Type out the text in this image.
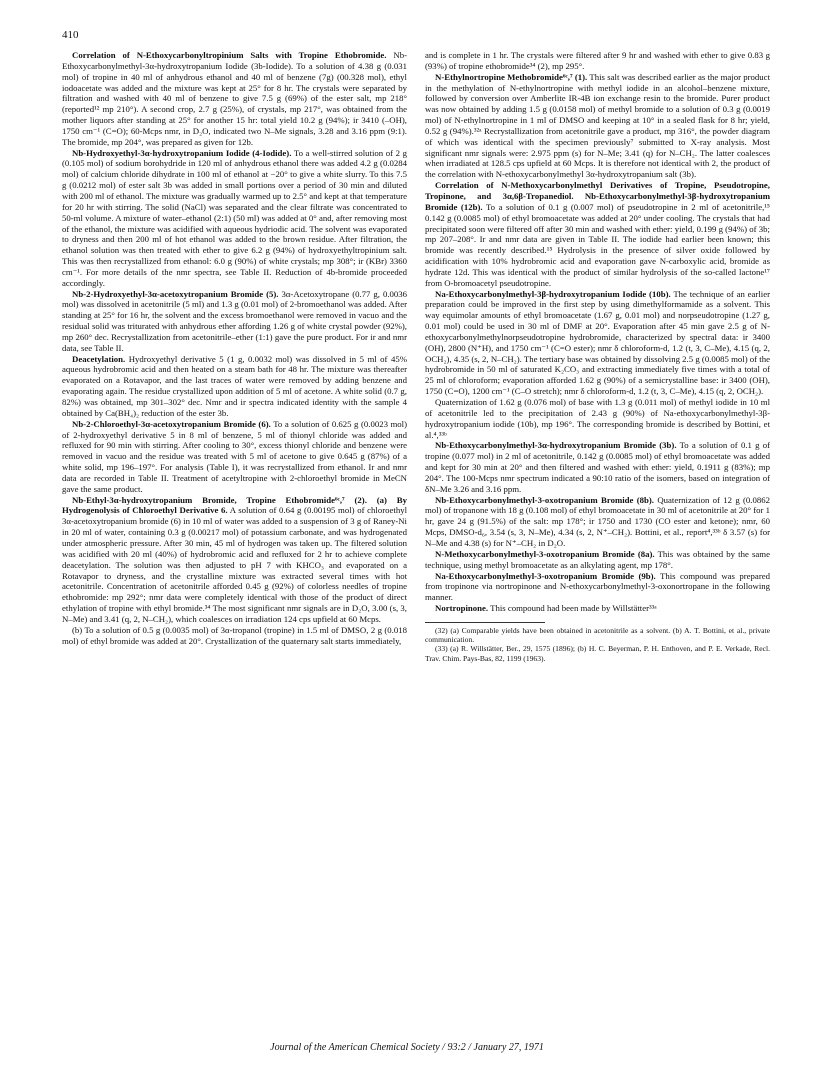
410

Correlation of N-Ethoxycarbonyltropinium Salts with Tropine Ethobromide. Nb-Ethoxycarbonylmethyl-3α-hydroxytropanium Iodide (3b-Iodide). To a solution of 4.38 g (0.031 mol) of tropine in 40 ml of anhydrous ethanol and 40 ml of benzene (7g) (00.328 mol), ethyl iodoacetate was added and the mixture was kept at 25° for 8 hr. The crystals were separated by filtration and washed with 40 ml of benzene to give 7.5 g (69%) of the ester salt, mp 218° (reported¹² mp 210°). A second crop, 2.7 g (25%), of crystals, mp 217°, was obtained from the mother liquors after standing at 25° for another 15 hr: total yield 10.2 g (94%); ir 3410 (–OH), 1750 cm⁻¹ (C=O); 60-Mcps nmr, in D₂O, indicated two N–Me signals, 3.28 and 3.16 ppm (9:1). The bromide, mp 204°, was prepared as given for 12b.

Nb-Hydroxyethyl-3α-hydroxytropanium Iodide (4-Iodide). To a well-stirred solution of 2 g (0.105 mol) of sodium borohydride in 120 ml of anhydrous ethanol there was added 4.2 g (0.0284 mol) of calcium chloride dihydrate in 100 ml of ethanol at −20° to give a white slurry. To this 7.5 g (0.0212 mol) of ester salt 3b was added in small portions over a period of 30 min and diluted with 200 ml of ethanol. The mixture was gradually warmed up to 2.5° and kept at that temperature for 20 hr with stirring. The solid (NaCl) was separated and the clear filtrate was concentrated to 50-ml volume. A mixture of water–ethanol (2:1) (50 ml) was added at 0° and, after removing most of the ethanol, the mixture was acidified with aqueous hydriodic acid. The solvent was evaporated to dryness and then 200 ml of hot ethanol was added to the brown residue. After filtration, the ethanol solution was then treated with ether to give 6.2 g (94%) of hydroxyethyltropinium salt. This was then recrystallized from ethanol: 6.0 g (90%) of white crystals; mp 308°; ir (KBr) 3360 cm⁻¹. For more details of the nmr spectra, see Table II. Reduction of 4b-bromide proceeded accordingly.

Nb-2-Hydroxyethyl-3α-acetoxytropanium Bromide (5). 3α-Acetoxytropane (0.77 g, 0.0036 mol) was dissolved in acetonitrile (5 ml) and 1.3 g (0.01 mol) of 2-bromoethanol was added. After standing at 25° for 16 hr, the solvent and the excess bromoethanol were removed in vacuo and the residual solid was triturated with anhydrous ether affording 1.26 g of white crystal powder (92%), mp 260° dec. Recrystallization from acetonitrile–ether (1:1) gave the pure product. For ir and nmr data, see Table II.

Deacetylation. Hydroxyethyl derivative 5 (1 g, 0.0032 mol) was dissolved in 5 ml of 45% aqueous hydrobromic acid and then heated on a steam bath for 48 hr. The mixture was thereafter evaporated on a Rotavapor, and the last traces of water were removed by adding benzene and evaporating again. The residue crystallized upon addition of 5 ml of acetone. A white solid (0.7 g, 82%) was obtained, mp 301–302° dec. Nmr and ir spectra indicated identity with the sample 4 obtained by Ca(BH₄)₂ reduction of the ester 3b.

Nb-2-Chloroethyl-3α-acetoxytropanium Bromide (6). To a solution of 0.625 g (0.0023 mol) of 2-hydroxyethyl derivative 5 in 8 ml of benzene, 5 ml of thionyl chloride was added and refluxed for 90 min with stirring. After cooling to 30°, excess thionyl chloride and benzene were removed in vacuo and the residue was treated with 5 ml of acetone to give 0.645 g (87%) of a white solid, mp 196–197°. For analysis (Table I), it was recrystallized from ethanol. Ir and nmr data are recorded in Table II. Treatment of acetyltropine with 2-chloroethyl bromide in MeCN gave the same product.

Nb-Ethyl-3α-hydroxytropanium Bromide, Tropine Ethobromide⁶ᶜ,⁷ (2). (a) By Hydrogenolysis of Chloroethyl Derivative 6. A solution of 0.64 g (0.00195 mol) of chloroethyl 3α-acetoxytropanium bromide (6) in 10 ml of water was added to a suspension of 3 g of Raney-Ni in 20 ml of water, containing 0.3 g (0.00217 mol) of potassium carbonate, and was hydrogenated under atmospheric pressure. After 30 min, 45 ml of hydrogen was taken up. The filtered solution was acidified with 20 ml (40%) of hydrobromic acid and refluxed for 2 hr to achieve complete deacetylation. The solution was then adjusted to pH 7 with KHCO₃ and evaporated on a Rotavapor to dryness, and the crystalline mixture was extracted several times with hot acetonitrile. Concentration of acetonitrile afforded 0.45 g (92%) of colorless needles of tropine ethobromide: mp 292°; nmr data were completely identical with those of the product of direct ethylation of tropine with ethyl bromide.³⁴ The most significant nmr signals are in D₂O, 3.00 (s, 3, N–Me) and 3.41 (q, 2, N–CH₂), which coalesces on irradiation 124 cps upfield at 60 Mcps.

(b) To a solution of 0.5 g (0.0035 mol) of 3α-tropanol (tropine) in 1.5 ml of DMSO, 2 g (0.018 mol) of ethyl bromide was added at 20°. Crystallization of the quaternary salt starts immediately,

and is complete in 1 hr. The crystals were filtered after 9 hr and washed with ether to give 0.83 g (93%) of tropine ethobromide³⁴ (2), mp 295°.

N-Ethylnortropine Methobromide⁶ᶜ,⁷ (1). This salt was described earlier as the major product in the methylation of N-ethylnortropine with methyl iodide in an alcohol–benzene mixture, followed by conversion over Amberlite IR-4B ion exchange resin to the bromide. Purer product was now obtained by adding 1.5 g (0.0158 mol) of methyl bromide to a solution of 0.3 g (0.0019 mol) of N-ethylnortropine in 1 ml of DMSO and keeping at 10° in a sealed flask for 8 hr; yield, 0.52 g (94%).³²ᵃ Recrystallization from acetonitrile gave a product, mp 316°, the powder diagram of which was identical with the specimen previously⁷ submitted to X-ray analysis. Most significant nmr signals were: 2.975 ppm (s) for N–Me; 3.41 (q) for N–CH₂. The latter coalesces when irradiated at 128.5 cps upfield at 60 Mcps. It is therefore not identical with 2, the product of the correlation with N-ethoxycarbonylmethyl 3α-hydroxytropanium salt (3b).

Correlation of N-Methoxycarbonylmethyl Derivatives of Tropine, Pseudotropine, Tropinone, and 3α,6β-Tropanediol. Nb-Ethoxycarbonylmethyl-3β-hydroxytropanium Bromide (12b). To a solution of 0.1 g (0.007 mol) of pseudotropine in 2 ml of acetonitrile,¹⁵ 0.142 g (0.0085 mol) of ethyl bromoacetate was added at 20° under cooling. The crystals that had precipitated soon were filtered off after 30 min and washed with ether: yield, 0.199 g (94%) of 3b; mp 207–208°. Ir and nmr data are given in Table II. The iodide had earlier been known; this bromide was recently described.¹⁵ Hydrolysis in the presence of silver oxide followed by acidification with 10% hydrobromic acid and evaporation gave N-carboxylic acid, bromide as hydrate 12d. This was identical with the product of similar hydrolysis of the so-called lactone¹⁷ from O-bromoacetyl pseudotropine.

Na-Ethoxycarbonylmethyl-3β-hydroxytropanium Iodide (10b). The technique of an earlier preparation could be improved in the first step by using dimethylformamide as a solvent. This way equimolar amounts of ethyl bromoacetate (1.67 g, 0.01 mol) and norpseudotropine (1.27 g, 0.01 mol) could be used in 30 ml of DMF at 20°. Evaporation after 45 min gave 2.5 g of N-ethoxycarbonylmethylnorpseudotropine hydrobromide, characterized by spectral data: ir 3400 (OH), 2800 (N⁺H), and 1750 cm⁻¹ (C=O ester); nmr δ chloroform-d, 1.2 (t, 3, C–Me), 4.15 (q, 2, OCH₂), 4.35 (s, 2, N–CH₂). The tertiary base was obtained by dissolving 2.5 g (0.0085 mol) of the hydrobromide in 50 ml of saturated K₂CO₃ and extracting immediately five times with a total of 25 ml of chloroform; evaporation afforded 1.62 g (90%) of a semicrystalline base: ir 3400 (OH), 1750 (C=O), 1200 cm⁻¹ (C–O stretch); nmr δ chloroform-d, 1.2 (t, 3, C–Me), 4.15 (q, 2, OCH₂).

Quaternization of 1.62 g (0.076 mol) of base with 1.3 g (0.011 mol) of methyl iodide in 10 ml of acetonitrile led to the precipitation of 2.43 g (90%) of Na-ethoxycarbonylmethyl-3β-hydroxytropanium iodide (10b), mp 196°. The corresponding bromide is described by Bottini, et al.⁴,³³ᵇ

Nb-Ethoxycarbonylmethyl-3α-hydroxytropanium Bromide (3b). To a solution of 0.1 g of tropine (0.077 mol) in 2 ml of acetonitrile, 0.142 g (0.0085 mol) of ethyl bromoacetate was added and kept for 30 min at 20° and then filtered and washed with ether: yield, 0.1911 g (83%); mp 204°. The 100-Mcps nmr spectrum indicated a 90:10 ratio of the isomers, based on integration of δN–Me 3.26 and 3.16 ppm.

Nb-Ethoxycarbonylmethyl-3-oxotropanium Bromide (8b). Quaternization of 12 g (0.0862 mol) of tropanone with 18 g (0.108 mol) of ethyl bromoacetate in 30 ml of acetonitrile at 20° for 1 hr, gave 24 g (91.5%) of the salt: mp 178°; ir 1750 and 1730 (CO ester and ketone); nmr, 60 Mcps, DMSO-d₆, 3.54 (s, 3, N–Me), 4.34 (s, 2, N⁺–CH₂). Bottini, et al., report⁴,³³ᵇ δ 3.57 (s) for N–Me and 4.38 (s) for N⁺–CH₂ in D₂O.

N-Methoxycarbonylmethyl-3-oxotropanium Bromide (8a). This was obtained by the same technique, using methyl bromoacetate as an alkylating agent, mp 178°.

Na-Ethoxycarbonylmethyl-3-oxotropanium Bromide (9b). This compound was prepared from tropinone via nortropinone and N-ethoxycarbonylmethyl-3-oxonortropane in the following manner.

Nortropinone. This compound had been made by Willstätter³³ᵃ

(32) (a) Comparable yields have been obtained in acetonitrile as a solvent. (b) A. T. Bottini, et al., private communication.

(33) (a) R. Willstätter, Ber., 29, 1575 (1896); (b) H. C. Beyerman, P. H. Enthoven, and P. E. Verkade, Recl. Trav. Chim. Pays-Bas, 82, 1199 (1963).

Journal of the American Chemical Society / 93:2 / January 27, 1971
